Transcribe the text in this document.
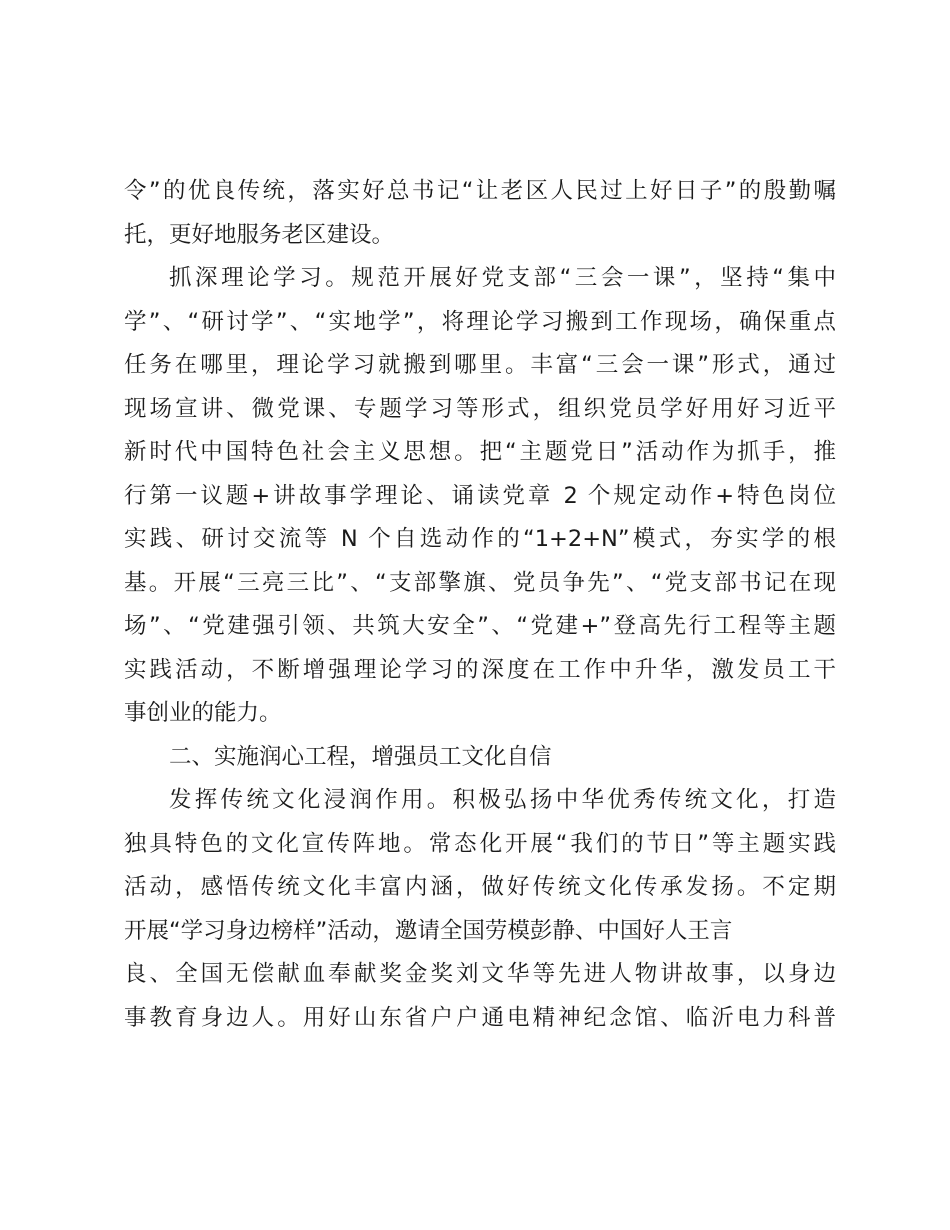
令”的优良传统，落实好总书记“让老区人民过上好日子”的殷勤嘱
托，更好地服务老区建设。
抓深理论学习。规范开展好党支部“三会一课”，坚持“集中
学”、“研讨学”、“实地学”，将理论学习搬到工作现场，确保重点
任务在哪里，理论学习就搬到哪里。丰富“三会一课”形式，通过
现场宣讲、微党课、专题学习等形式，组织党员学好用好习近平
新时代中国特色社会主义思想。把“主题党日”活动作为抓手，推
行第一议题+讲故事学理论、诵读党章 2 个规定动作+特色岗位
实践、研讨交流等 N 个自选动作的“1+2+N”模式，夯实学的根
基。开展“三亮三比”、“支部擎旗、党员争先”、“党支部书记在现
场”、“党建强引领、共筑大安全”、“党建+”登高先行工程等主题
实践活动，不断增强理论学习的深度在工作中升华，激发员工干
事创业的能力。
二、实施润心工程，增强员工文化自信
发挥传统文化浸润作用。积极弘扬中华优秀传统文化，打造
独具特色的文化宣传阵地。常态化开展“我们的节日”等主题实践
活动，感悟传统文化丰富内涵，做好传统文化传承发扬。不定期
开展“学习身边榜样”活动，邀请全国劳模彭静、中国好人王言
良、全国无偿献血奉献奖金奖刘文华等先进人物讲故事，以身边
事教育身边人。用好山东省户户通电精神纪念馆、临沂电力科普
